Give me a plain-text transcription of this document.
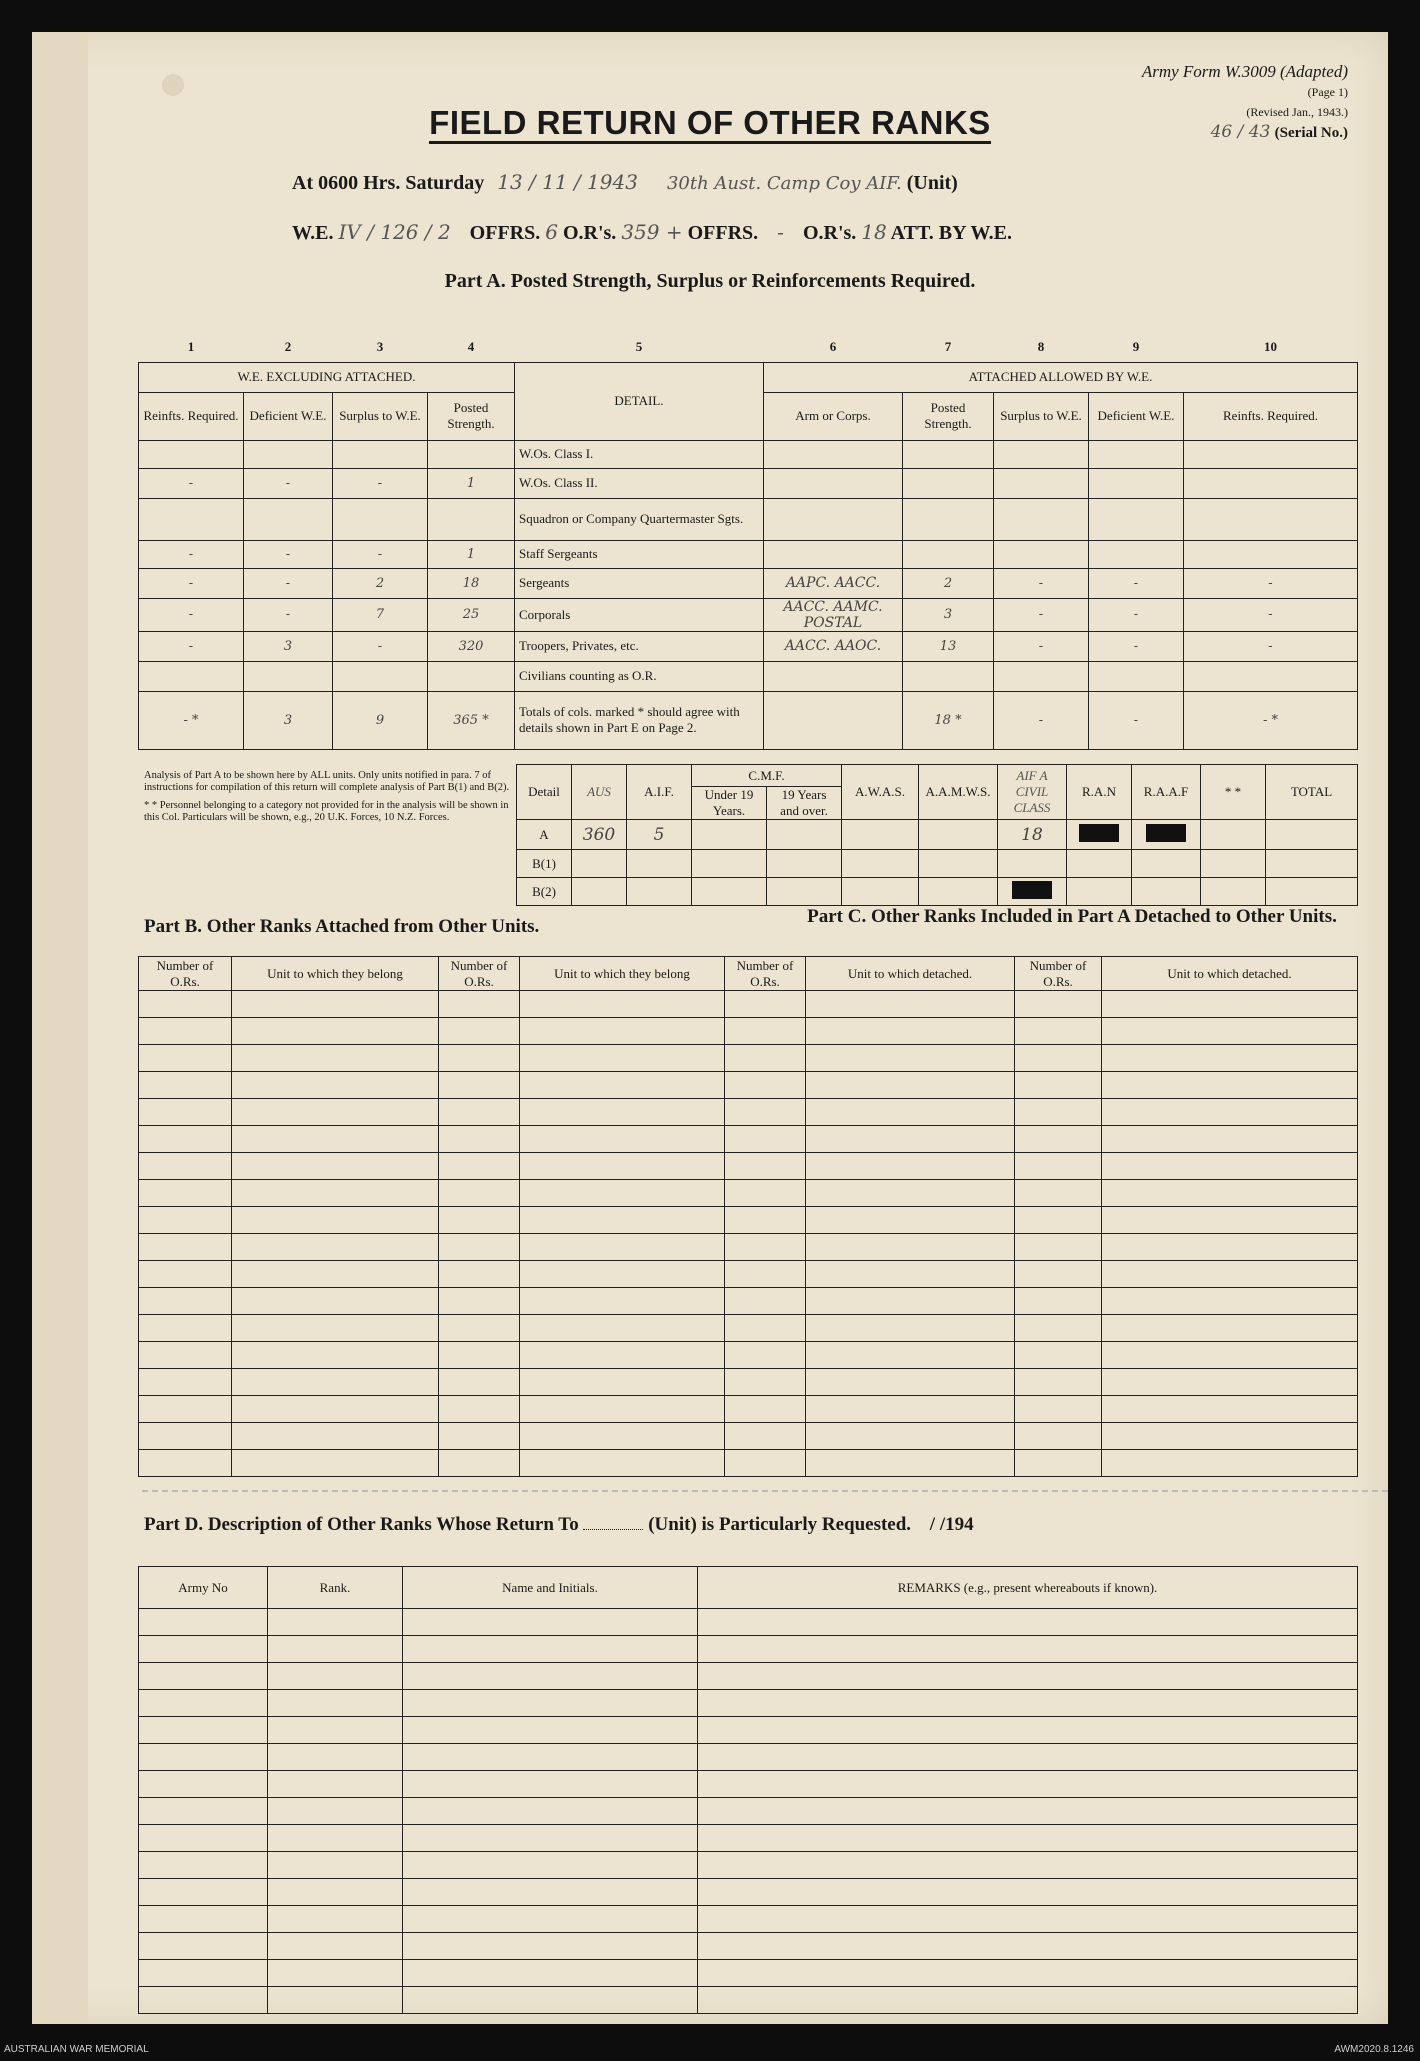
Army Form W.3009 (Adapted)
(Page 1)
(Revised Jan., 1943.)
46 / 43 (Serial No.)
FIELD RETURN OF OTHER RANKS
At 0600 Hrs. Saturday 13 / 11 / 1943 30th Aust. Camp Coy AIF. (Unit)
W.E. IV / 126 / 2 OFFRS. 6 O.R's. 359 + OFFRS. - O.R's. 18 ATT. BY W.E.
Part A. Posted Strength, Surplus or Reinforcements Required.
1	2	3	4	5	6	7	8	9	10
W.E. EXCLUDING ATTACHED.				DETAIL.	ATTACHED ALLOWED BY W.E.				
Reinfts. Required.	Deficient W.E.	Surplus to W.E.	Posted Strength.		Arm or Corps.	Posted Strength.	Surplus to W.E.	Deficient W.E.	Reinfts. Required.
				W.Os. Class I.					
-	-	-	1	W.Os. Class II.					
				Squadron or Company Quartermaster Sgts.					
-	-	-	1	Staff Sergeants					
-	-	2	18	Sergeants	AAPC. AACC.	2	-	-	-
-	-	7	25	Corporals	AACC. AAMC. POSTAL	3	-	-	-
-	3	-	320	Troopers, Privates, etc.	AACC. AAOC.	13	-	-	-
				Civilians counting as O.R.					
- *	3	9	365 *	Totals of cols. marked * should agree with details shown in Part E on Page 2.		18 *	-	-	- *
Analysis of Part A to be shown here by ALL units. Only units notified in para. 7 of instructions for compilation of this return will complete analysis of Part B(1) and B(2).
* * Personnel belonging to a category not provided for in the analysis will be shown in this Col. Particulars will be shown, e.g., 20 U.K. Forces, 10 N.Z. Forces.
Detail	AUS	A.I.F.	C.M.F.		A.W.A.S.	A.A.M.W.S.	AIF A CIVIL CLASS	R.A.N	R.A.A.F	* *	TOTAL
			Under 19 Years.	19 Years and over.							
A	360	5					18				
B(1)											
B(2)											
Part B. Other Ranks Attached from Other Units.	Part C. Other Ranks Included in Part A Detached to Other Units.
Number of O.Rs.	Unit to which they belong	Number of O.Rs.	Unit to which they belong	Number of O.Rs.	Unit to which detached.	Number of O.Rs.	Unit to which detached.

Part D. Description of Other Ranks Whose Return To	(Unit) is Particularly Requested. / /194
Army No	Rank.	Name and Initials.	REMARKS (e.g., present whereabouts if known).

AUSTRALIAN WAR MEMORIAL	AWM2020.8.1246
